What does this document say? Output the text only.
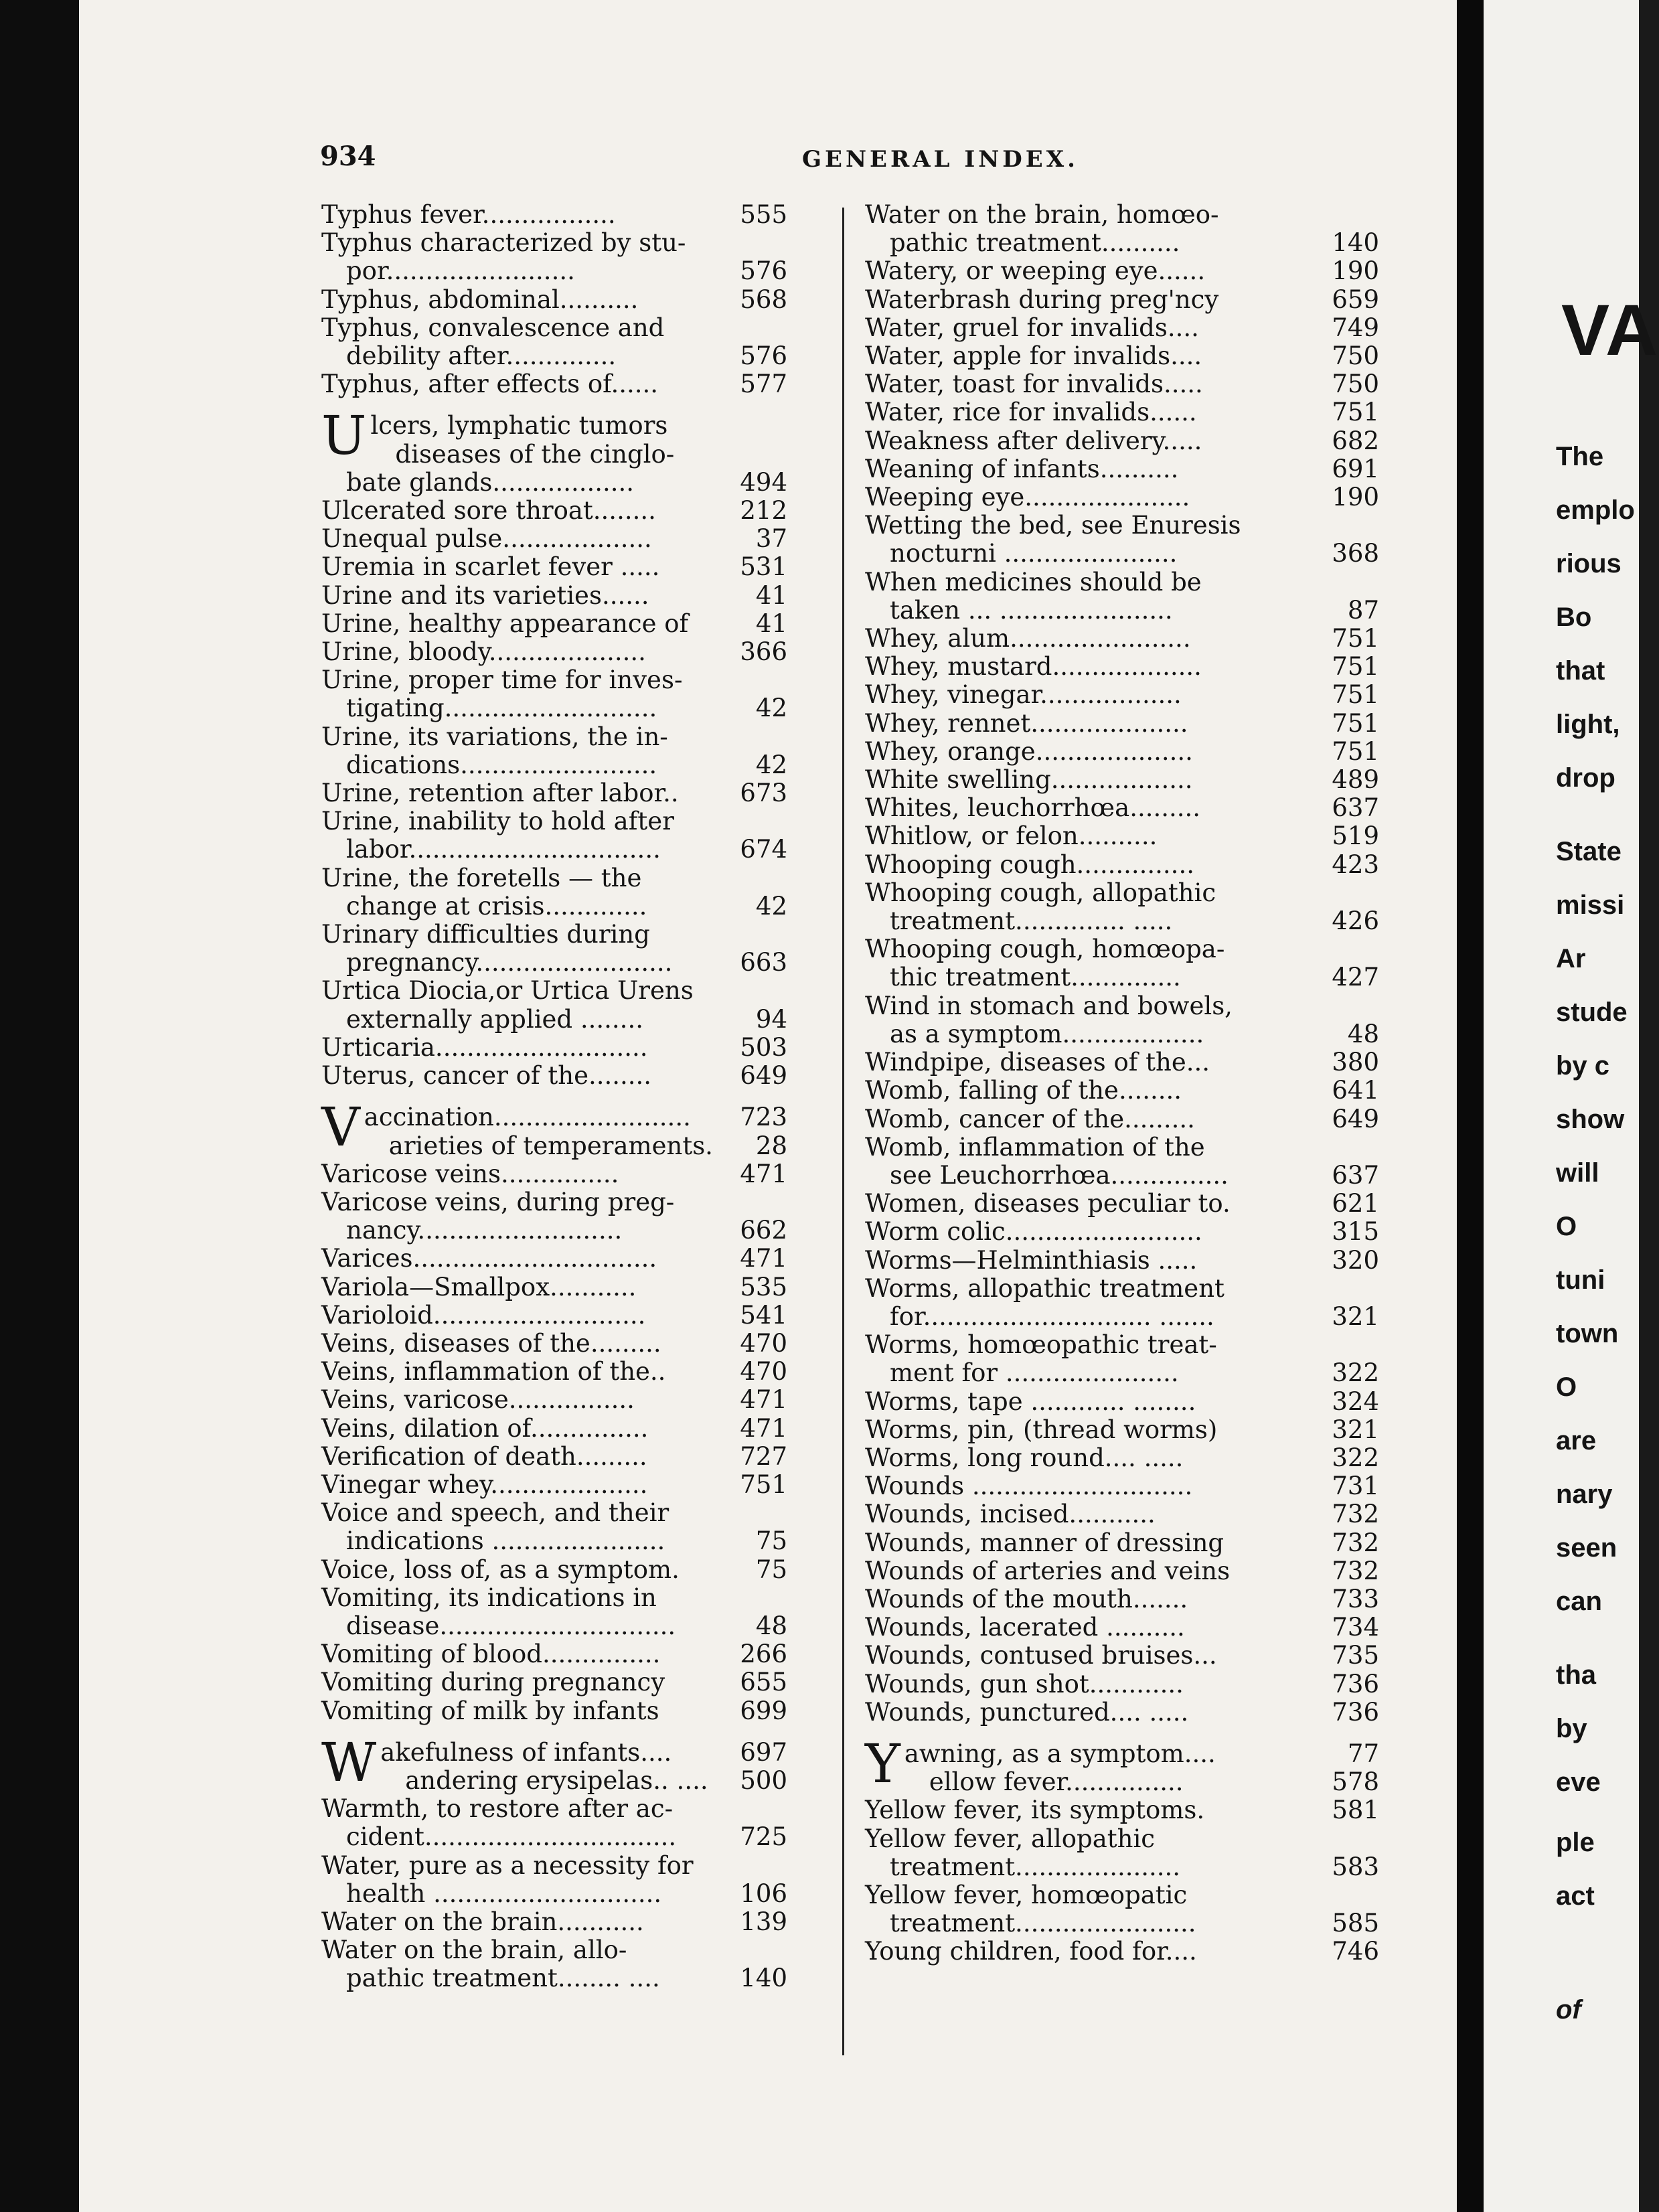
934	GENERAL INDEX.
Typhus fever.................	555
Typhus characterized by stu-
 por........................	576
Typhus, abdominal..........	568
Typhus, convalescence and
 debility after..............	576
Typhus, after effects of......	577
Ulcers, lymphatic tumors
 diseases of the cinglo-
 bate glands..................	494
Ulcerated sore throat........	212
Unequal pulse...................	37
Uremia in scarlet fever .....	531
Urine and its varieties......	41
Urine, healthy appearance of	41
Urine, bloody....................	366
Urine, proper time for inves-
 tigating...........................	42
Urine, its variations, the in-
 dications.........................	42
Urine, retention after labor..	673
Urine, inability to hold after
 labor................................	674
Urine, the foretells — the
 change at crisis.............	42
Urinary difficulties during
 pregnancy.........................	663
Urtica Diocia,or Urtica Urens
 externally applied ........	94
Urticaria...........................	503
Uterus, cancer of the........	649
Vaccination.........................	723
 arieties of temperaments.	28
Varicose veins...............	471
Varicose veins, during preg-
 nancy..........................	662
Varices...............................	471
Variola—Smallpox...........	535
Varioloid...........................	541
Veins, diseases of the.........	470
Veins, inflammation of the..	470
Veins, varicose................	471
Veins, dilation of...............	471
Verification of death.........	727
Vinegar whey....................	751
Voice and speech, and their
 indications ......................	75
Voice, loss of, as a symptom.	75
Vomiting, its indications in
 disease..............................	48
Vomiting of blood...............	266
Vomiting during pregnancy	655
Vomiting of milk by infants	699
Wakefulness of infants....	697
 andering erysipelas.. ....	500
Warmth, to restore after ac-
 cident................................	725
Water, pure as a necessity for
 health .............................	106
Water on the brain...........	139
Water on the brain, allo-
 pathic treatment........ ....	140
Water on the brain, homœo-
 pathic treatment..........	140
Watery, or weeping eye......	190
Waterbrash during preg'ncy	659
Water, gruel for invalids....	749
Water, apple for invalids....	750
Water, toast for invalids.....	750
Water, rice for invalids......	751
Weakness after delivery.....	682
Weaning of infants..........	691
Weeping eye.....................	190
Wetting the bed, see Enuresis
 nocturni ......................	368
When medicines should be
 taken ... ......................	87
Whey, alum.......................	751
Whey, mustard...................	751
Whey, vinegar..................	751
Whey, rennet....................	751
Whey, orange....................	751
White swelling..................	489
Whites, leuchorrhœa.........	637
Whitlow, or felon..........	519
Whooping cough...............	423
Whooping cough, allopathic
 treatment.............. .....	426
Whooping cough, homœopa-
 thic treatment..............	427
Wind in stomach and bowels,
 as a symptom..................	48
Windpipe, diseases of the...	380
Womb, falling of the........	641
Womb, cancer of the.........	649
Womb, inflammation of the
 see Leuchorrhœa...............	637
Women, diseases peculiar to.	621
Worm colic.........................	315
Worms—Helminthiasis .....	320
Worms, allopathic treatment
 for............................. .......	321
Worms, homœopathic treat-
 ment for ......................	322
Worms, tape ............ ........	324
Worms, pin, (thread worms)	321
Worms, long round.... .....	322
Wounds ............................	731
Wounds, incised...........	732
Wounds, manner of dressing	732
Wounds of arteries and veins	732
Wounds of the mouth.......	733
Wounds, lacerated ..........	734
Wounds, contused bruises...	735
Wounds, gun shot............	736
Wounds, punctured.... .....	736
Yawning, as a symptom....	77
 ellow fever...............	578
Yellow fever, its symptoms.	581
Yellow fever, allopathic
 treatment.....................	583
Yellow fever, homœopatic
 treatment.......................	585
Young children, food for....	746
VA
The
emplo
rious
Bo
that
light,
drop
State
missi
Ar
stude
by c
show
will
O
tuni
town
O
are
nary
seen
can
tha
by
eve
ple
act
of
